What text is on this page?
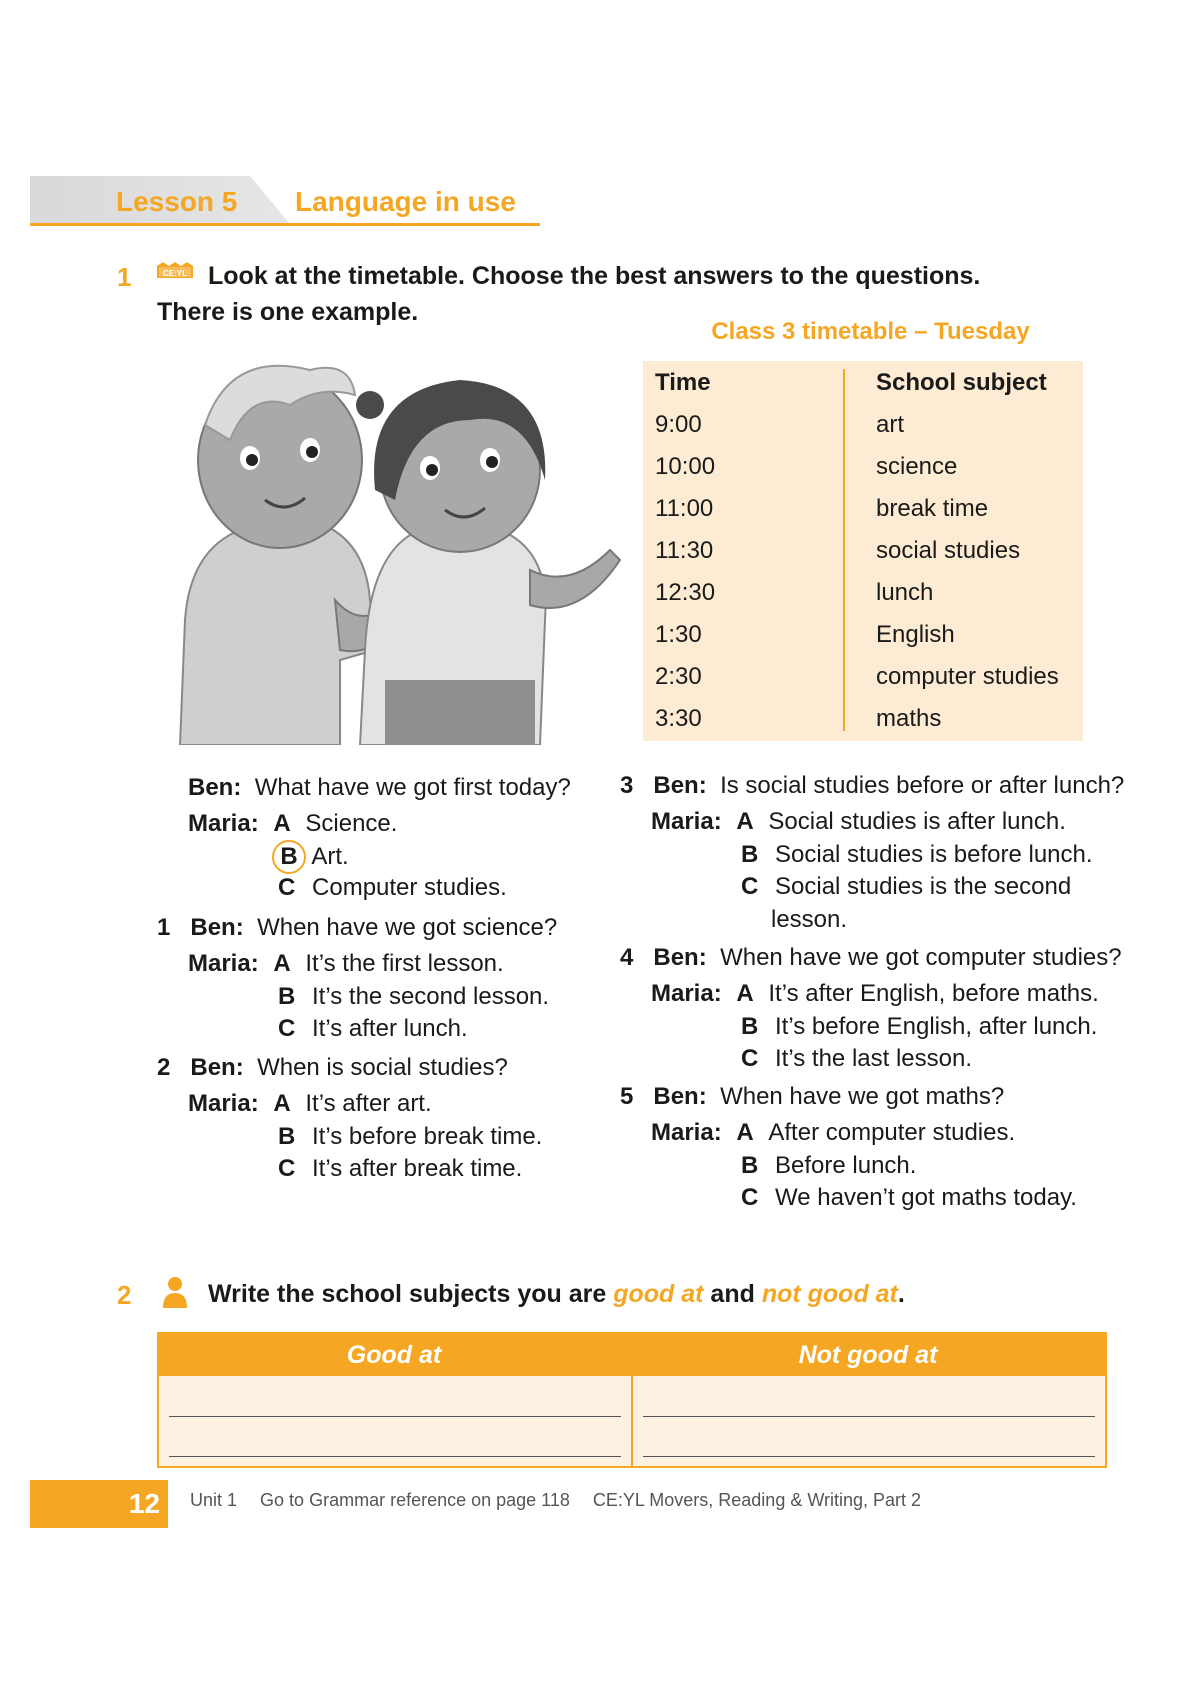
Lesson 5 Language in use
1	CE:YL Look at the timetable. Choose the best answers to the questions.
There is one example.
Class 3 timetable – Tuesday
Time	School subject
9:00	art
10:00	science
11:00	break time
11:30	social studies
12:30	lunch
1:30	English
2:30	computer studies
3:30	maths
Ben: What have we got first today?
Maria: A Science.
B Art.
C Computer studies.
1 Ben: When have we got science?
Maria: A It’s the first lesson.
B It’s the second lesson.
C It’s after lunch.
2 Ben: When is social studies?
Maria: A It’s after art.
B It’s before break time.
C It’s after break time.
3 Ben: Is social studies before or after lunch?
Maria: A Social studies is after lunch.
B Social studies is before lunch.
C Social studies is the second
lesson.
4 Ben: When have we got computer studies?
Maria: A It’s after English, before maths.
B It’s before English, after lunch.
C It’s the last lesson.
5 Ben: When have we got maths?
Maria: A After computer studies.
B Before lunch.
C We haven’t got maths today.
2	Write the school subjects you are good at and not good at.
Good at	Not good at
12 Unit 1 Go to Grammar reference on page 118 CE:YL Movers, Reading & Writing, Part 2
